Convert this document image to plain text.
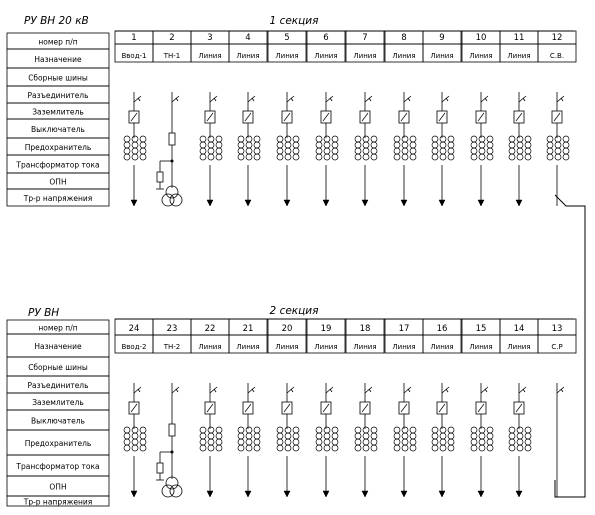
РУ ВН 20 кВ	1 секция
номер п/п
Назначение
Сборные шины
Разъединитель
Заземлитель
Выключатель
Предохранитель
Трансформатор тока
ОПН
Тр-р напряжения
1
Ввод-1
2
ТН-1
3
Линия
4
Линия
5
Линия
6
Линия
7
Линия
8
Линия
9
Линия
10
Линия
11
Линия
12
С.В.
РУ ВН	2 секция
номер п/п
Назначение
Сборные шины
Разъединитель
Заземлитель
Выключатель
Предохранитель
Трансформатор тока
ОПН
Тр-р напряжения
24
Ввод-2
23
ТН-2
22
Линия
21
Линия
20
Линия
19
Линия
18
Линия
17
Линия
16
Линия
15
Линия
14
Линия
13
С.Р
